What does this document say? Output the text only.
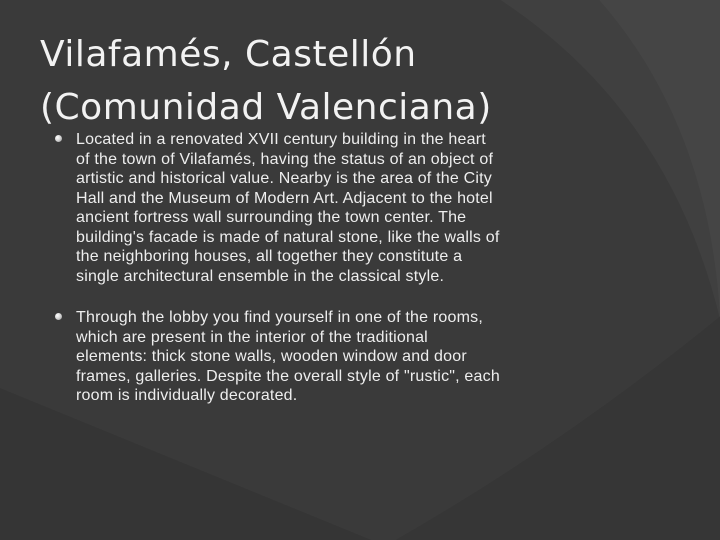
Vilafamés, Castellón
(Comunidad Valenciana)

Located in a renovated XVII century building in the heart
of the town of Vilafamés, having the status of an object of
artistic and historical value. Nearby is the area of the City
Hall and the Museum of Modern Art. Adjacent to the hotel
ancient fortress wall surrounding the town center. The
building's facade is made of natural stone, like the walls of
the neighboring houses, all together they constitute a
single architectural ensemble in the classical style.

Through the lobby you find yourself in one of the rooms,
which are present in the interior of the traditional
elements: thick stone walls, wooden window and door
frames, galleries. Despite the overall style of "rustic", each
room is individually decorated.
